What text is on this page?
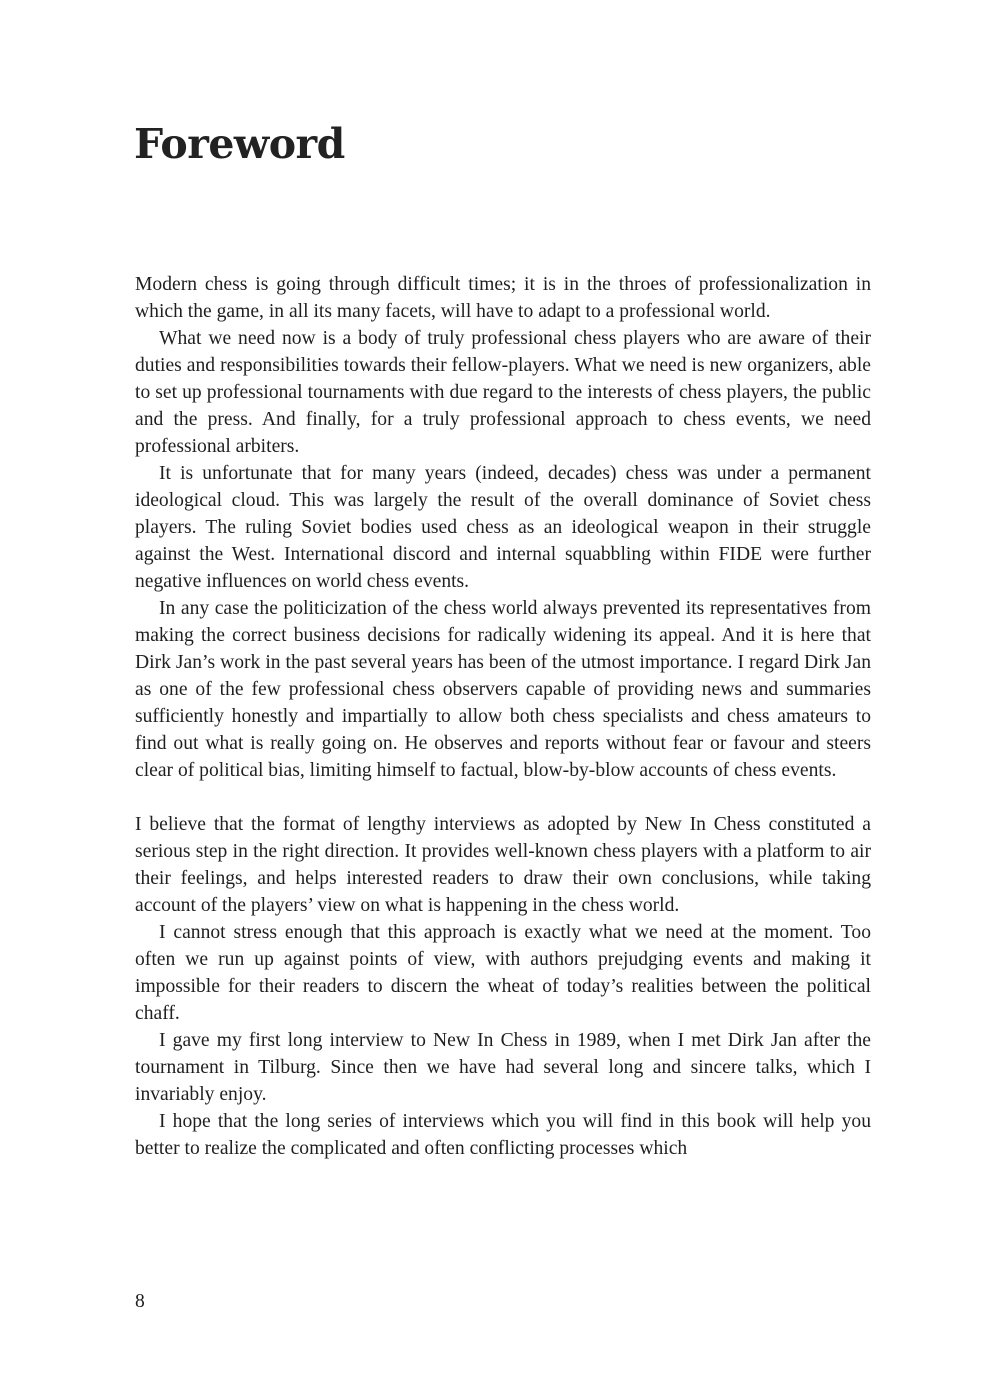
Foreword

Modern chess is going through difficult times; it is in the throes of professionalization in which the game, in all its many facets, will have to adapt to a professional world.

What we need now is a body of truly professional chess players who are aware of their duties and responsibilities towards their fellow-players. What we need is new organizers, able to set up professional tournaments with due regard to the interests of chess players, the public and the press. And finally, for a truly professional approach to chess events, we need professional arbiters.

It is unfortunate that for many years (indeed, decades) chess was under a permanent ideological cloud. This was largely the result of the overall dominance of Soviet chess players. The ruling Soviet bodies used chess as an ideological weapon in their struggle against the West. International discord and internal squabbling within FIDE were further negative influences on world chess events.

In any case the politicization of the chess world always prevented its representatives from making the correct business decisions for radically widening its appeal. And it is here that Dirk Jan’s work in the past several years has been of the utmost importance. I regard Dirk Jan as one of the few professional chess observers capable of providing news and summaries sufficiently honestly and impartially to allow both chess specialists and chess amateurs to find out what is really going on. He observes and reports without fear or favour and steers clear of political bias, limiting himself to factual, blow-by-blow accounts of chess events.

I believe that the format of lengthy interviews as adopted by New In Chess constituted a serious step in the right direction. It provides well-known chess players with a platform to air their feelings, and helps interested readers to draw their own conclusions, while taking account of the players’ view on what is happening in the chess world.

I cannot stress enough that this approach is exactly what we need at the moment. Too often we run up against points of view, with authors prejudging events and making it impossible for their readers to discern the wheat of today’s realities between the political chaff.

I gave my first long interview to New In Chess in 1989, when I met Dirk Jan after the tournament in Tilburg. Since then we have had several long and sincere talks, which I invariably enjoy.

I hope that the long series of interviews which you will find in this book will help you better to realize the complicated and often conflicting processes which

8
